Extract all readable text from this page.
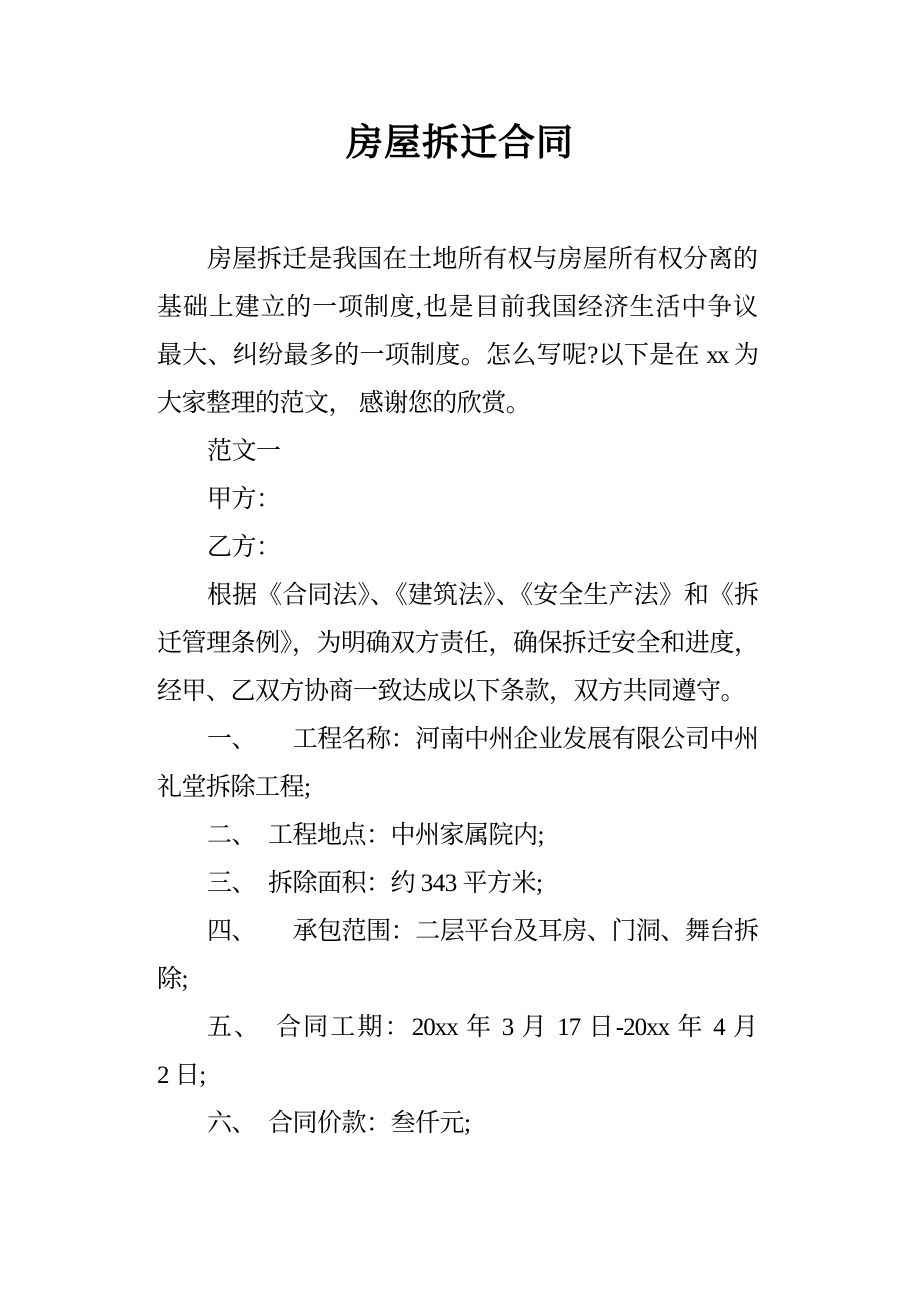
房屋拆迁合同
房屋拆迁是我国在土地所有权与房屋所有权分离的
基础上建立的一项制度,也是目前我国经济生活中争议
最大、纠纷最多的一项制度。怎么写呢?以下是在 xx 为
大家整理的范文， 感谢您的欣赏。
范文一
甲方：
乙方：
根据《合同法》、《建筑法》、《安全生产法》和《拆
迁管理条例》，为明确双方责任，确保拆迁安全和进度，
经甲、乙双方协商一致达成以下条款，双方共同遵守。
一、　　工程名称：河南中州企业发展有限公司中州
礼堂拆除工程;
二、　工程地点：中州家属院内;
三、　拆除面积：约 343 平方米;
四、　　承包范围：二层平台及耳房、门洞、舞台拆
除;
五、　合同工期：20xx 年 3 月 17 日-20xx 年 4 月
2 日;
六、　合同价款：叁仟元;
